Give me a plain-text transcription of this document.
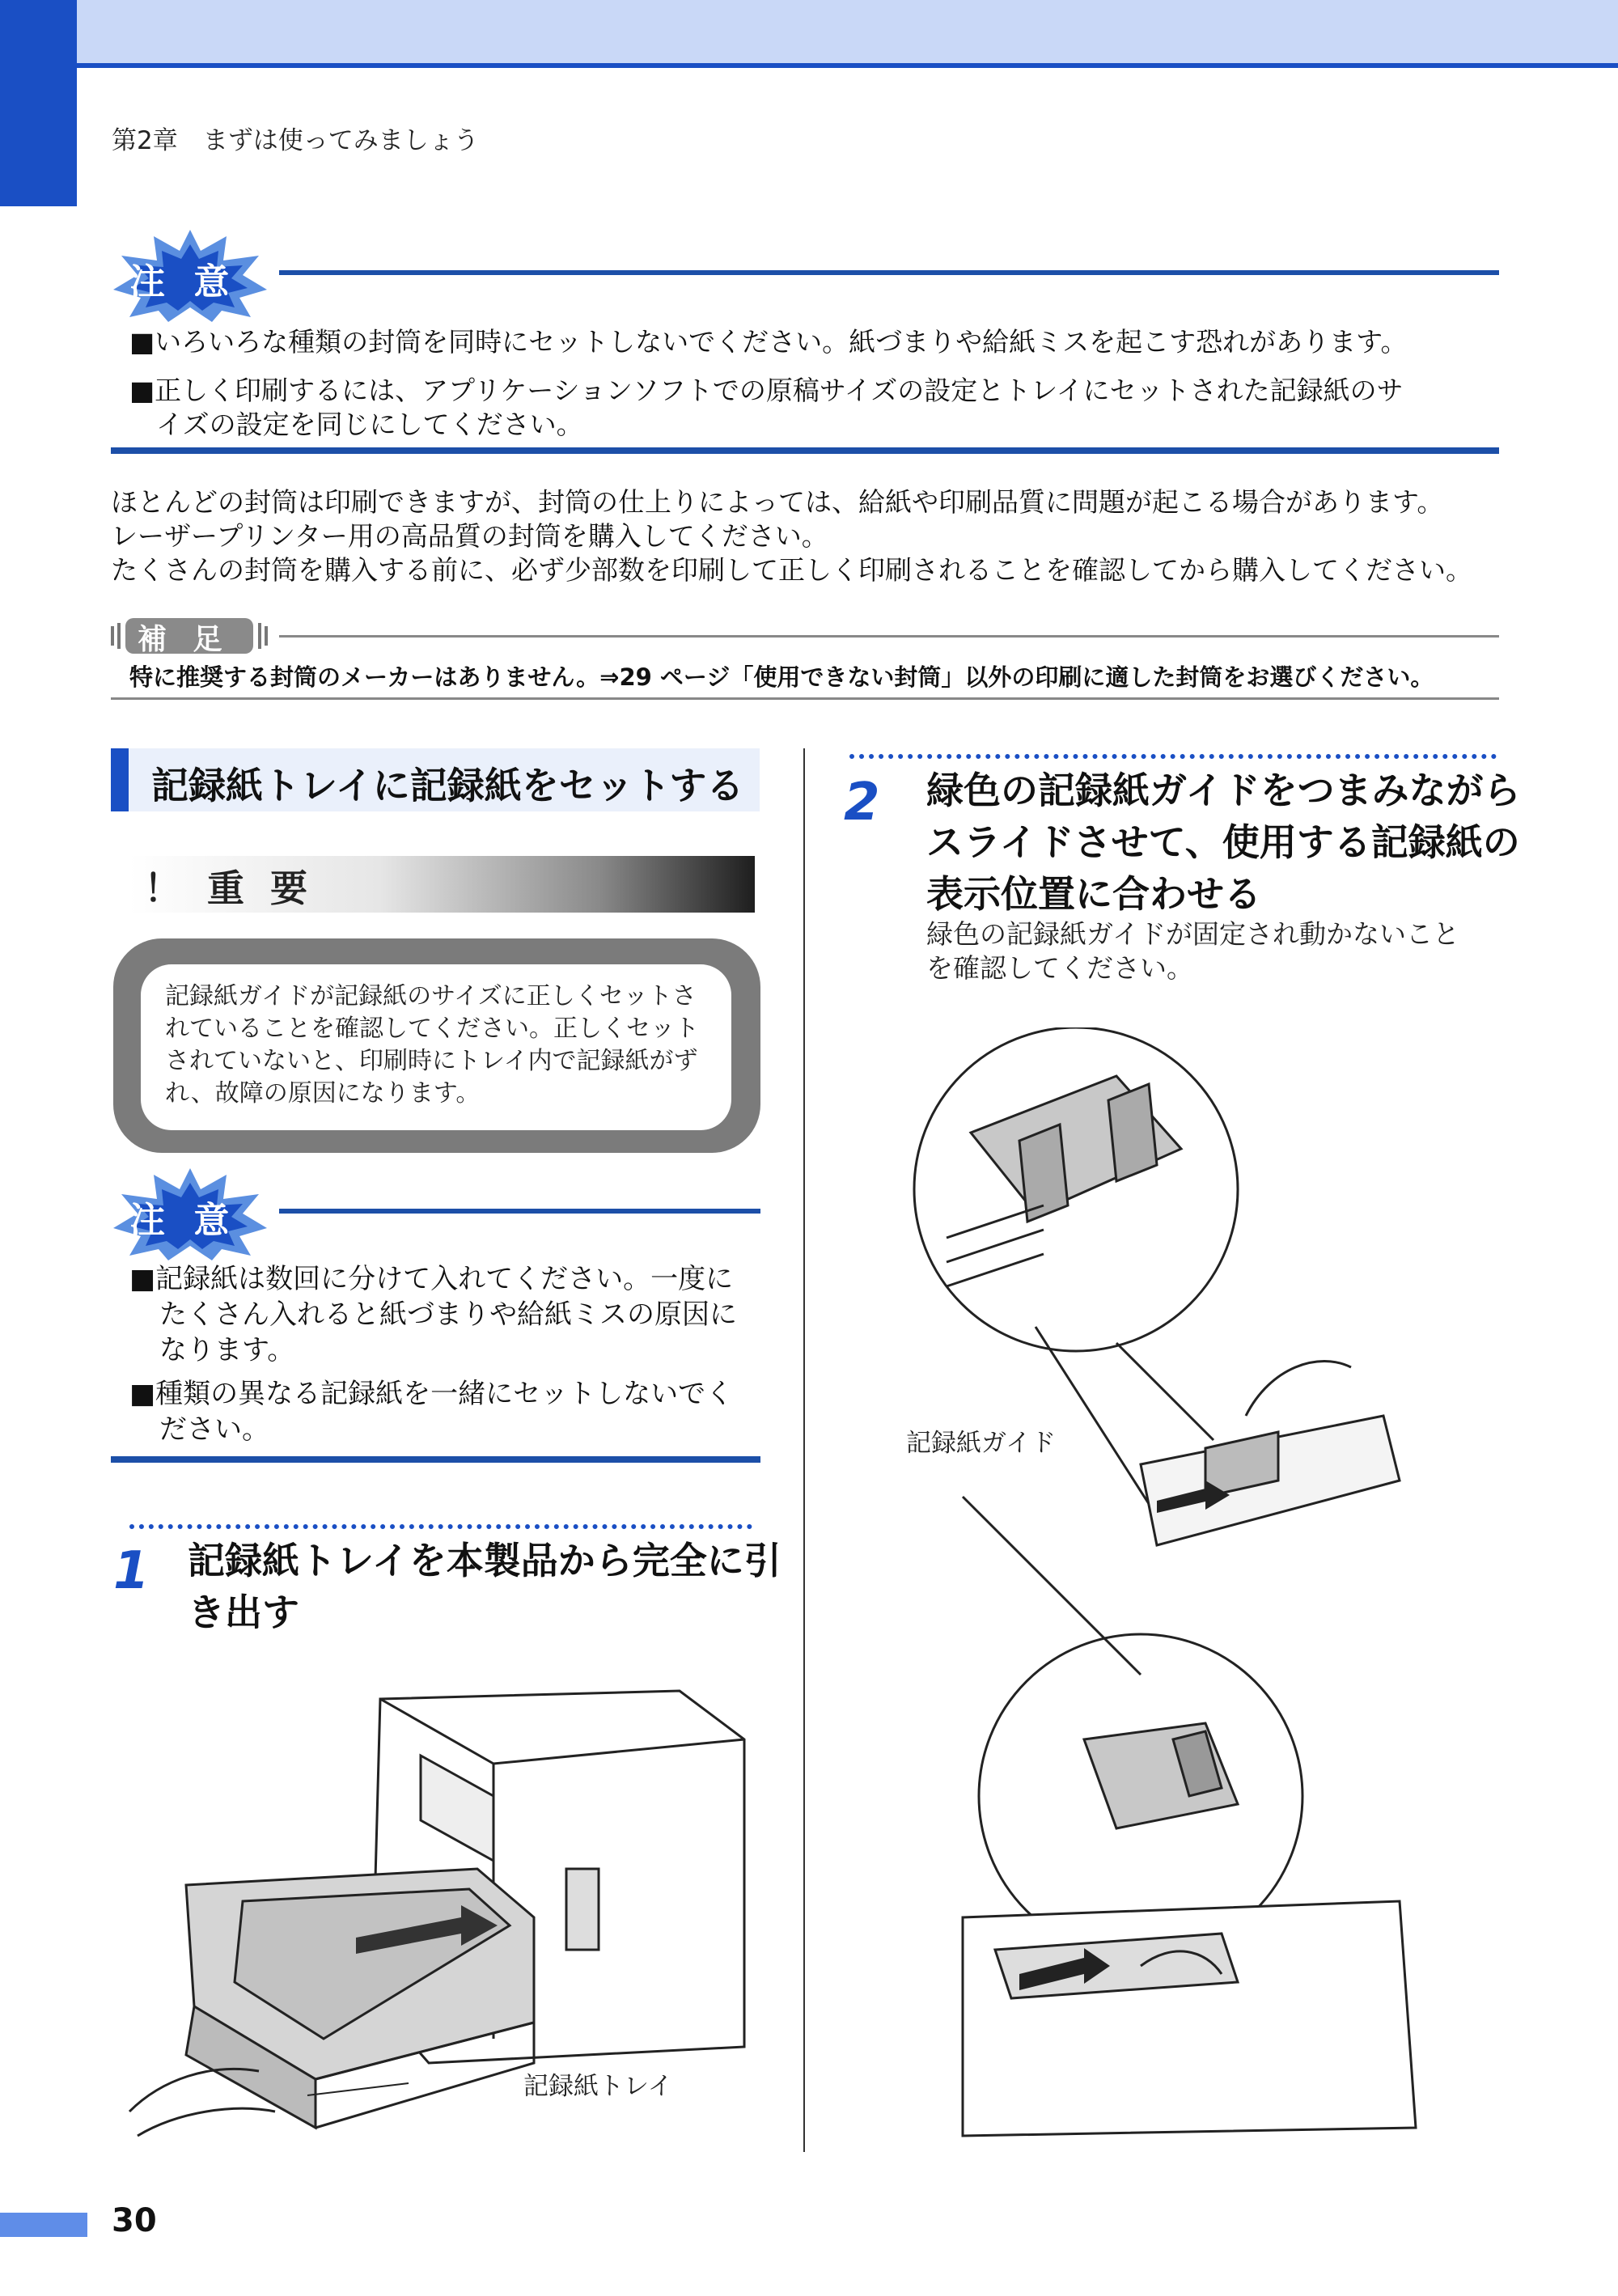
第2章　まずは使ってみましょう
注 意
■いろいろな種類の封筒を同時にセットしないでください。紙づまりや給紙ミスを起こす恐れがあります。
■正しく印刷するには、アプリケーションソフトでの原稿サイズの設定とトレイにセットされた記録紙のサ
イズの設定を同じにしてください。
ほとんどの封筒は印刷できますが、封筒の仕上りによっては、給紙や印刷品質に問題が起こる場合があります。
レーザープリンター用の高品質の封筒を購入してください。
たくさんの封筒を購入する前に、必ず少部数を印刷して正しく印刷されることを確認してから購入してください。
補 足
特に推奨する封筒のメーカーはありません。⇒29 ページ「使用できない封筒」以外の印刷に適した封筒をお選びください。
記録紙トレイに記録紙をセットする
！ 重 要

記録紙ガイドが記録紙のサイズに正しくセットされていることを確認してください。正しくセットされていないと、印刷時にトレイ内で記録紙がずれ、故障の原因になります。

注 意
■記録紙は数回に分けて入れてください。一度に
たくさん入れると紙づまりや給紙ミスの原因に
なります。
■種類の異なる記録紙を一緒にセットしないでく
ださい。
1 記録紙トレイを本製品から完全に引
き出す
記録紙トレイ
2 緑色の記録紙ガイドをつまみながら
スライドさせて、使用する記録紙の
表示位置に合わせる
緑色の記録紙ガイドが固定され動かないこと
を確認してください。
記録紙ガイド
30
